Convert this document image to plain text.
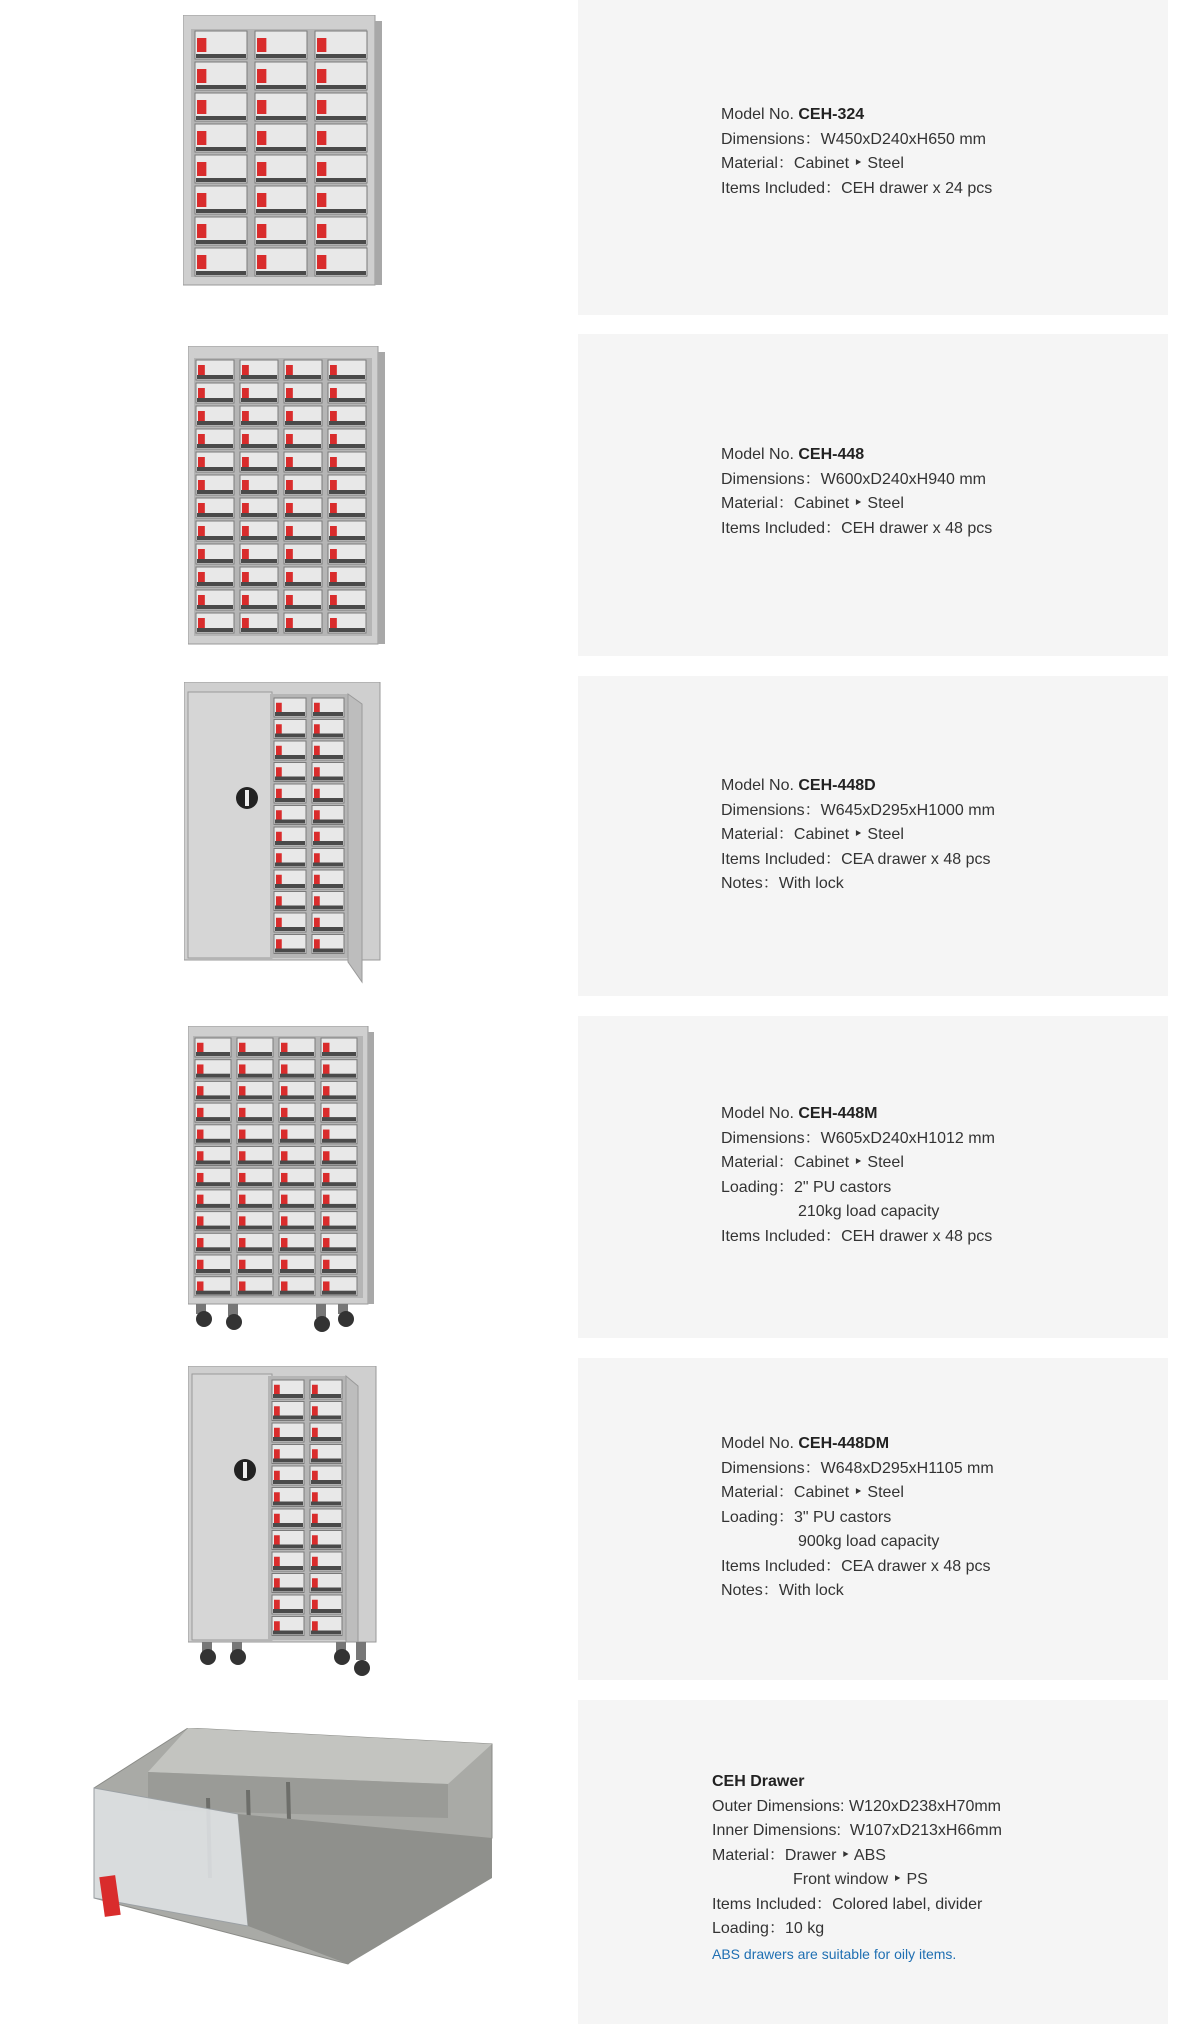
Model No. CEH-324
Dimensions：W450xD240xH650 mm
Material：Cabinet ‣ Steel
Items Included：CEH drawer x 24 pcs
Model No. CEH-448
Dimensions：W600xD240xH940 mm
Material：Cabinet ‣ Steel
Items Included：CEH drawer x 48 pcs
Model No. CEH-448D
Dimensions：W645xD295xH1000 mm
Material：Cabinet ‣ Steel
Items Included：CEA drawer x 48 pcs
Notes：With lock
Model No. CEH-448M
Dimensions：W605xD240xH1012 mm
Material：Cabinet ‣ Steel
Loading：2" PU castors
210kg load capacity
Items Included：CEH drawer x 48 pcs
Model No. CEH-448DM
Dimensions：W648xD295xH1105 mm
Material：Cabinet ‣ Steel
Loading：3" PU castors
900kg load capacity
Items Included：CEA drawer x 48 pcs
Notes：With lock
CEH Drawer
Outer Dimensions: W120xD238xH70mm
Inner Dimensions: W107xD213xH66mm
Material：Drawer ‣ ABS
Front window ‣ PS
Items Included：Colored label, divider
Loading：10 kg
ABS drawers are suitable for oily items.
